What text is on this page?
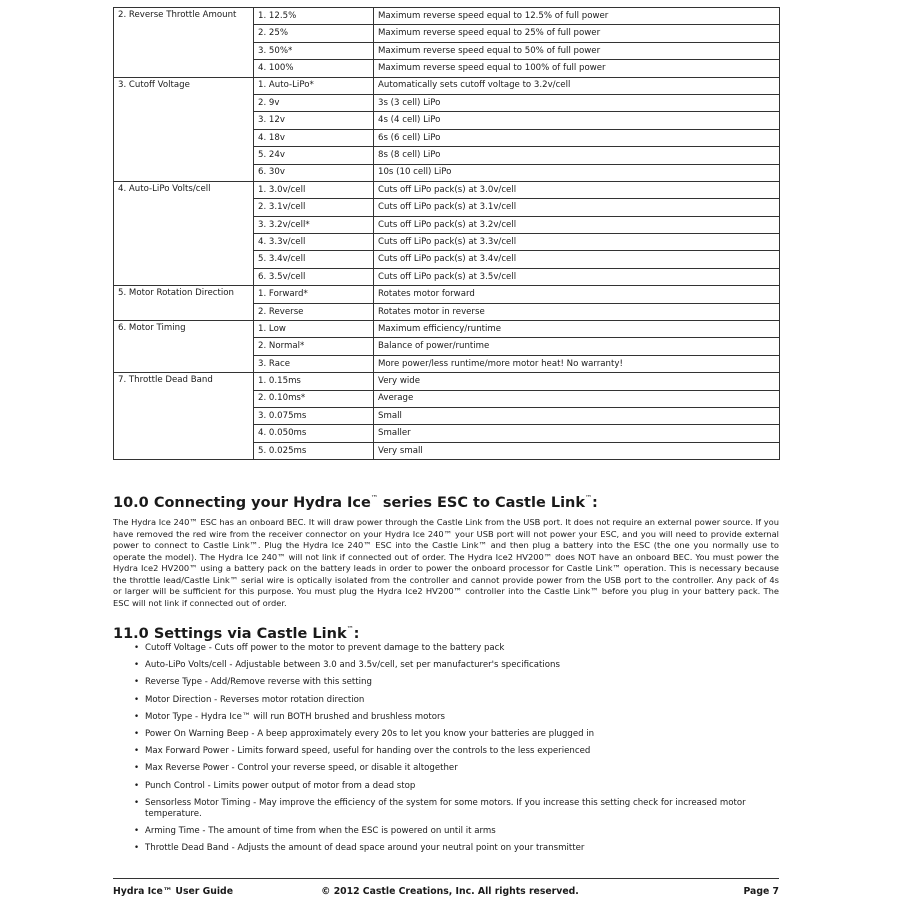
2. Reverse Throttle Amount	1. 12.5%	Maximum reverse speed equal to 12.5% of full power
	2. 25%	Maximum reverse speed equal to 25% of full power
	3. 50%*	Maximum reverse speed equal to 50% of full power
	4. 100%	Maximum reverse speed equal to 100% of full power
3. Cutoff Voltage	1. Auto-LiPo*	Automatically sets cutoff voltage to 3.2v/cell
	2. 9v	3s (3 cell) LiPo
	3. 12v	4s (4 cell) LiPo
	4. 18v	6s (6 cell) LiPo
	5. 24v	8s (8 cell) LiPo
	6. 30v	10s (10 cell) LiPo
4. Auto-LiPo Volts/cell	1. 3.0v/cell	Cuts off LiPo pack(s) at 3.0v/cell
	2. 3.1v/cell	Cuts off LiPo pack(s) at 3.1v/cell
	3. 3.2v/cell*	Cuts off LiPo pack(s) at 3.2v/cell
	4. 3.3v/cell	Cuts off LiPo pack(s) at 3.3v/cell
	5. 3.4v/cell	Cuts off LiPo pack(s) at 3.4v/cell
	6. 3.5v/cell	Cuts off LiPo pack(s) at 3.5v/cell
5. Motor Rotation Direction	1. Forward*	Rotates motor forward
	2. Reverse	Rotates motor in reverse
6. Motor Timing	1. Low	Maximum efficiency/runtime
	2. Normal*	Balance of power/runtime
	3. Race	More power/less runtime/more motor heat! No warranty!
7. Throttle Dead Band	1. 0.15ms	Very wide
	2. 0.10ms*	Average
	3. 0.075ms	Small
	4. 0.050ms	Smaller
	5. 0.025ms	Very small
10.0 Connecting your Hydra Ice™ series ESC to Castle Link™:

The Hydra Ice 240™ ESC has an onboard BEC. It will draw power through the Castle Link from the USB port. It does not require an external power source. If you have removed the red wire from the receiver connector on your Hydra Ice 240™ your USB port will not power your ESC, and you will need to provide external power to connect to Castle Link™. Plug the Hydra Ice 240™ ESC into the Castle Link™ and then plug a battery into the ESC (the one you normally use to operate the model). The Hydra Ice 240™ will not link if connected out of order. The Hydra Ice2 HV200™ does NOT have an onboard BEC. You must power the Hydra Ice2 HV200™ using a battery pack on the battery leads in order to power the onboard processor for Castle Link™ operation. This is necessary because the throttle lead/Castle Link™ serial wire is optically isolated from the controller and cannot provide power from the USB port to the controller. Any pack of 4s or larger will be sufficient for this purpose. You must plug the Hydra Ice2 HV200™ controller into the Castle Link™ before you plug in your battery pack. The ESC will not link if connected out of order.

11.0 Settings via Castle Link™:
• Cutoff Voltage - Cuts off power to the motor to prevent damage to the battery pack
• Auto-LiPo Volts/cell - Adjustable between 3.0 and 3.5v/cell, set per manufacturer's specifications
• Reverse Type - Add/Remove reverse with this setting
• Motor Direction - Reverses motor rotation direction
• Motor Type - Hydra Ice™ will run BOTH brushed and brushless motors
• Power On Warning Beep - A beep approximately every 20s to let you know your batteries are plugged in
• Max Forward Power - Limits forward speed, useful for handing over the controls to the less experienced
• Max Reverse Power - Control your reverse speed, or disable it altogether
• Punch Control - Limits power output of motor from a dead stop
• Sensorless Motor Timing - May improve the efficiency of the system for some motors. If you increase this setting check for increased motor temperature.
• Arming Time - The amount of time from when the ESC is powered on until it arms
• Throttle Dead Band - Adjusts the amount of dead space around your neutral point on your transmitter
Hydra Ice™ User Guide	© 2012 Castle Creations, Inc. All rights reserved.	Page 7
